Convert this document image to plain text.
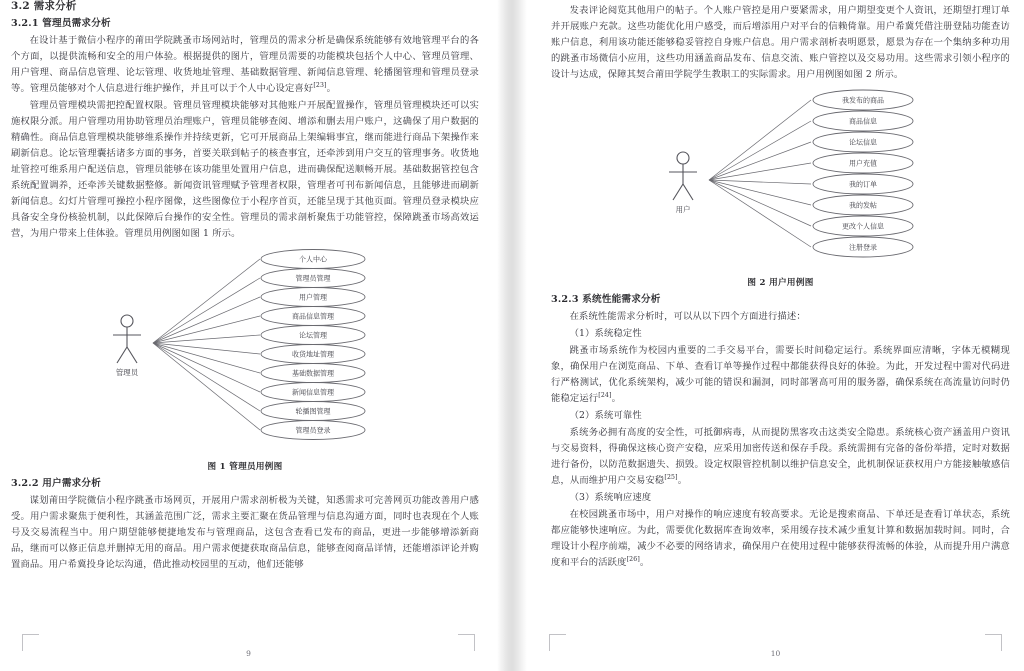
3.2 需求分析
3.2.1 管理员需求分析

在设计基于微信小程序的莆田学院跳蚤市场网站时，管理员的需求分析是确保系统能够有效地管理平台的各个方面，以提供流畅和安全的用户体验。根据提供的图片，管理员需要的功能模块包括个人中心、管理员管理、用户管理、商品信息管理、论坛管理、收货地址管理、基础数据管理、新闻信息管理、轮播图管理和管理员登录等。管理员能够对个人信息进行维护操作，并且可以于个人中心设定喜好[23]。

管理员管理模块需把控配置权限。管理员管理模块能够对其他账户开展配置操作，管理员管理模块还可以实施权限分派。用户管理功用协助管理员治理账户，管理员能够查阅、增添和删去用户账户，这确保了用户数据的精确性。商品信息管理模块能够维系操作并持续更新，它可开展商品上架编辑事宜，继而能进行商品下架操作来刷新信息。论坛管理囊括诸多方面的事务，首要关联到帖子的核查事宜，还牵涉到用户交互的管理事务。收货地址管控可维系用户配送信息，管理员能够在该功能里处置用户信息，进而确保配送顺畅开展。基础数据管控包含系统配置调养，还牵涉关键数据整修。新闻资讯管理赋予管理者权限，管理者可刊布新闻信息，且能够进而刷新新闻信息。幻灯片管理可操控小程序图像，这些图像位于小程序首页，还能呈现于其他页面。管理员登录模块应具备安全身份核验机制，以此保障后台操作的安全性。管理员的需求剖析聚焦于功能管控，保障跳蚤市场高效运营，为用户带来上佳体验。管理员用例图如图 1 所示。

管理员
个人中心
管理员管理
用户管理
商品信息管理
论坛管理
收货地址管理
基础数据管理
新闻信息管理
轮播图管理
管理员登录
图 1 管理员用例图
3.2.2 用户需求分析

谋划莆田学院微信小程序跳蚤市场网页，开展用户需求剖析极为关键，知悉需求可完善网页功能改善用户感受。用户需求聚焦于便利性，其涵盖范围广泛，需求主要汇聚在货品管理与信息沟通方面，同时也表现在个人账号及交易流程当中。用户期望能够便捷地发布与管理商品，这包含查看已发布的商品，更进一步能够增添新商品，继而可以修正信息并删掉无用的商品。用户需求便捷获取商品信息，能够查阅商品详情，还能增添评论并购置商品。用户希冀投身论坛沟通，借此推动校园里的互动，他们还能够

9

发表评论阅览其他用户的帖子。个人账户管控是用户要紧需求，用户期望变更个人资讯，还期望打理订单并开展账户充款。这些功能优化用户感受，而后增添用户对平台的信赖倚靠。用户希冀凭借注册登陆功能查访账户信息，利用该功能还能够稳妥管控自身账户信息。用户需求剖析表明愿景，愿景为存在一个集纳多种功用的跳蚤市场微信小应用，这些功用涵盖商品发布、信息交流、账户管控以及交易功用。这些需求引领小程序的设计与达成，保障其契合莆田学院学生教职工的实际需求。用户用例图如图 2 所示。

用户
我发布的商品
商品信息
论坛信息
用户充值
我的订单
我的发帖
更改个人信息
注册登录
图 2 用户用例图
3.2.3 系统性能需求分析

在系统性能需求分析时，可以从以下四个方面进行描述：

（1）系统稳定性

跳蚤市场系统作为校园内重要的二手交易平台，需要长时间稳定运行。系统界面应清晰，字体无模糊现象，确保用户在浏览商品、下单、查看订单等操作过程中都能获得良好的体验。为此，开发过程中需对代码进行严格测试，优化系统架构，减少可能的错误和漏洞，同时部署高可用的服务器，确保系统在高流量访问时仍能稳定运行[24]。

（2）系统可靠性

系统务必拥有高度的安全性，可抵御病毒，从而提防黑客攻击这类安全隐患。系统核心资产涵盖用户资讯与交易资料，得确保这核心资产安稳，应采用加密传送和保存手段。系统需拥有完备的备份举措，定时对数据进行备份，以防范数据遗失、损毁。设定权限管控机制以维护信息安全，此机制保证获权用户方能接触敏感信息，从而维护用户交易安稳[25]。

（3）系统响应速度

在校园跳蚤市场中，用户对操作的响应速度有较高要求。无论是搜索商品、下单还是查看订单状态，系统都应能够快速响应。为此，需要优化数据库查询效率，采用缓存技术减少重复计算和数据加载时间。同时，合理设计小程序前端，减少不必要的网络请求，确保用户在使用过程中能够获得流畅的体验，从而提升用户满意度和平台的活跃度[26]。

10
